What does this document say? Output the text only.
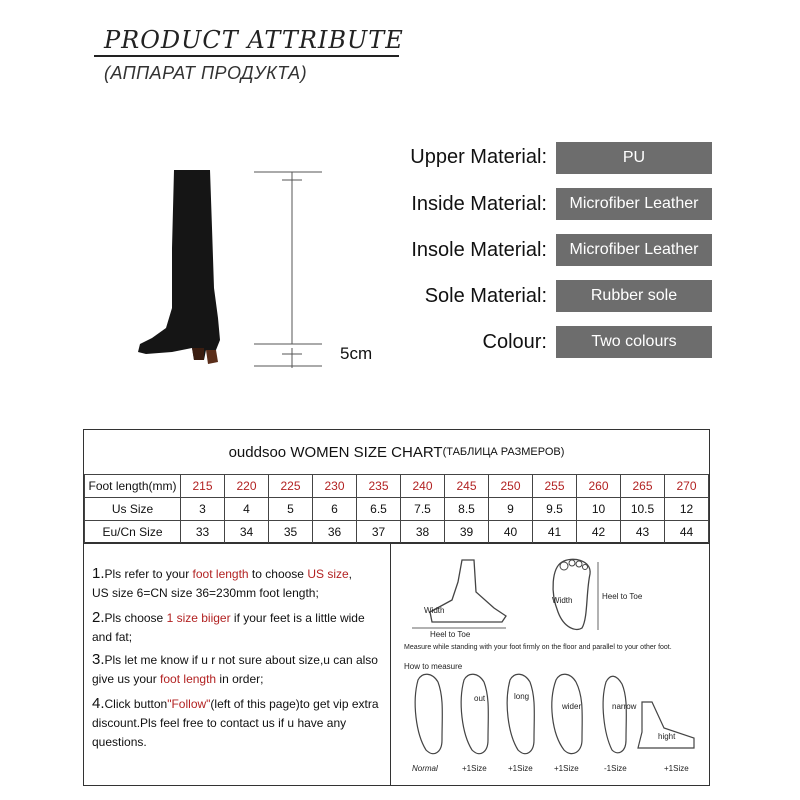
PRODUCT ATTRIBUTE
(АППАРАТ ПРОДУКТА)
5cm
Upper Material:	PU
Inside Material:	Microfiber Leather
Insole Material:	Microfiber Leather
Sole Material:	Rubber sole
Colour:	Two colours
ouddsoo WOMEN SIZE CHART (ТАБЛИЦА РАЗМЕРОВ)
Foot length(mm)	215	220	225	230	235	240	245	250	255	260	265	270
Us Size	3	4	5	6	6.5	7.5	8.5	9	9.5	10	10.5	12
Eu/Cn Size	33	34	35	36	37	38	39	40	41	42	43	44
1.Pls refer to your foot length to choose US size,
US size 6=CN size 36=230mm foot length;
2.Pls choose 1 size biiger if your feet is a little wide and fat;
3.Pls let me know if u r not sure about size,u can also give us your foot length in order;
4.Click button"Follow"(left of this page)to get vip extra discount.Pls feel free to contact us if u have any questions.
Width
Heel to Toe
Width	Heel to Toe
Measure while standing with your foot firmly on the floor and parallel to your other foot.
How to measure
out	long
wider	narrow
hight
Normal	+1Size	+1Size	+1Size	-1Size	+1Size
